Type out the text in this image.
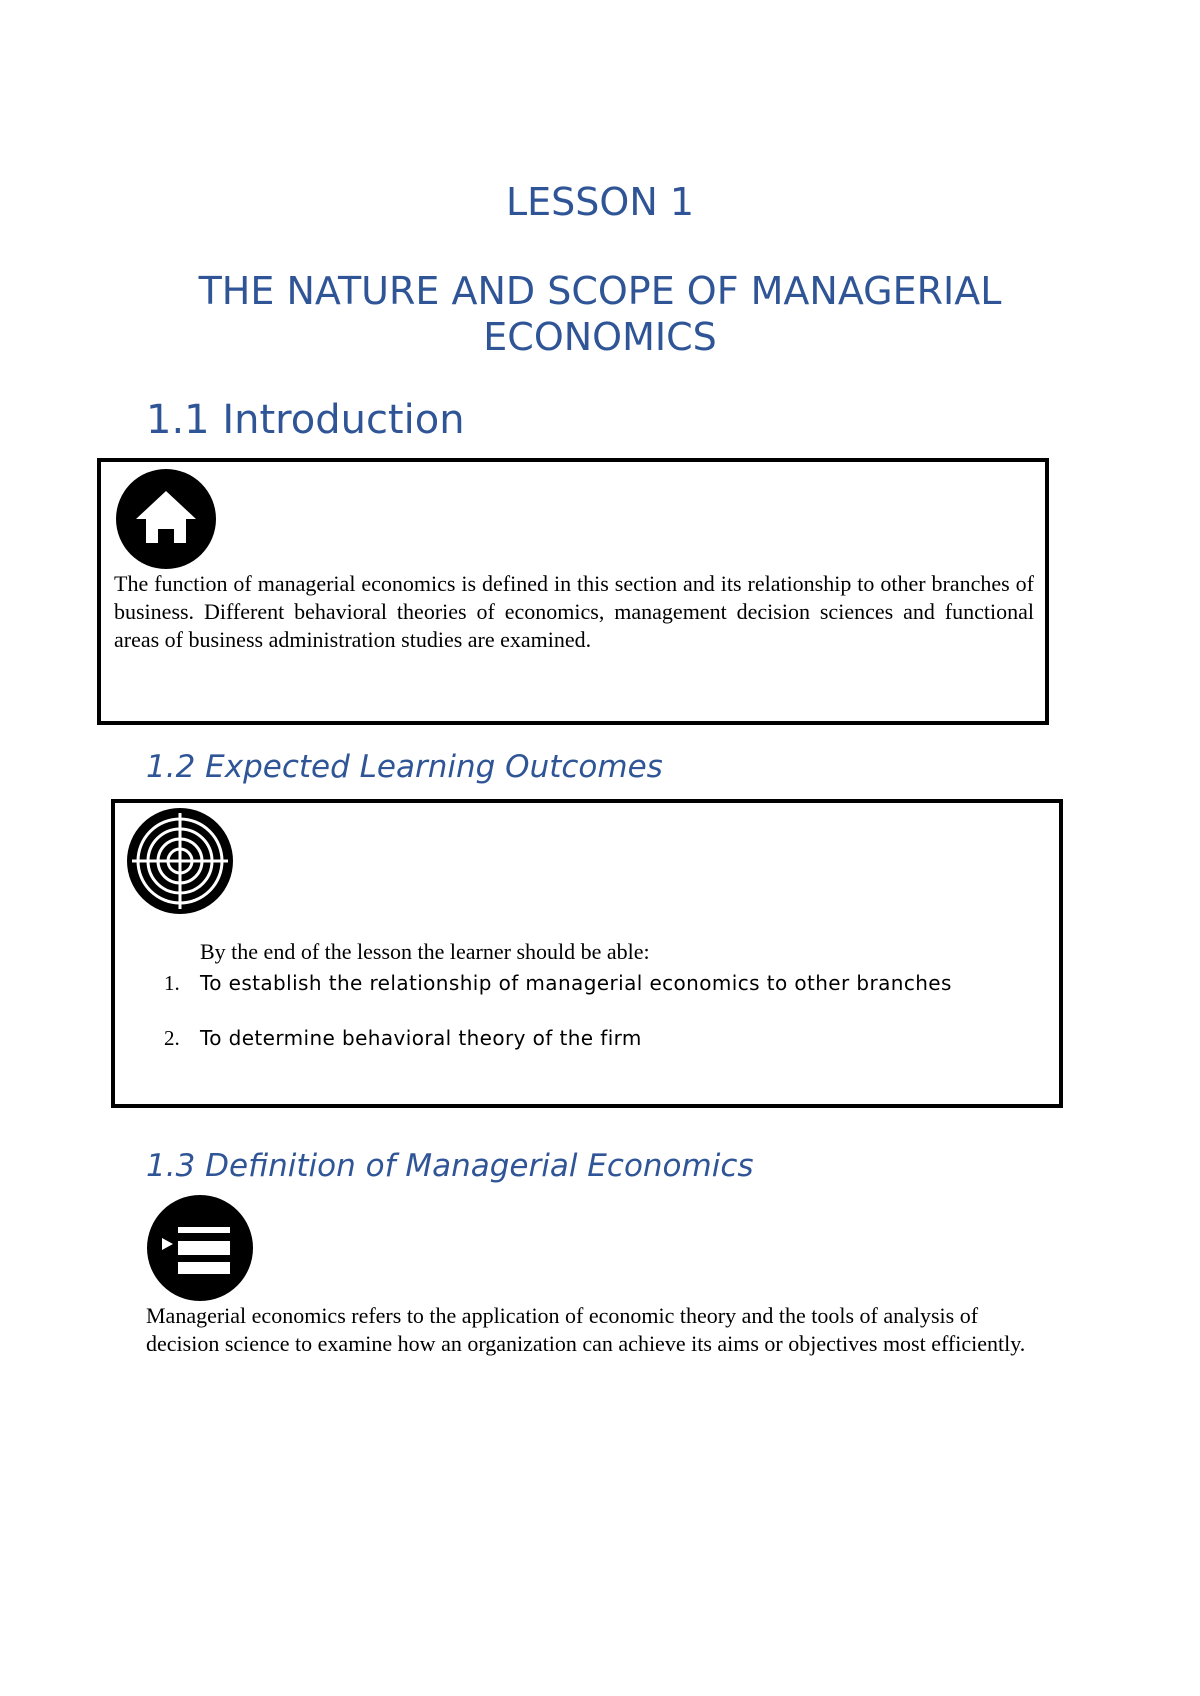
LESSON 1
THE NATURE AND SCOPE OF MANAGERIAL
ECONOMICS
1.1 Introduction
The function of managerial economics is defined in this section and its relationship to other branches of business. Different behavioral theories of economics, management decision sciences and functional areas of business administration studies are examined.
1.2 Expected Learning Outcomes
By the end of the lesson the learner should be able:
1. To establish the relationship of managerial economics to other branches
2. To determine behavioral theory of the firm
1.3 Definition of Managerial Economics
Managerial economics refers to the application of economic theory and the tools of analysis of decision science to examine how an organization can achieve its aims or objectives most efficiently.
